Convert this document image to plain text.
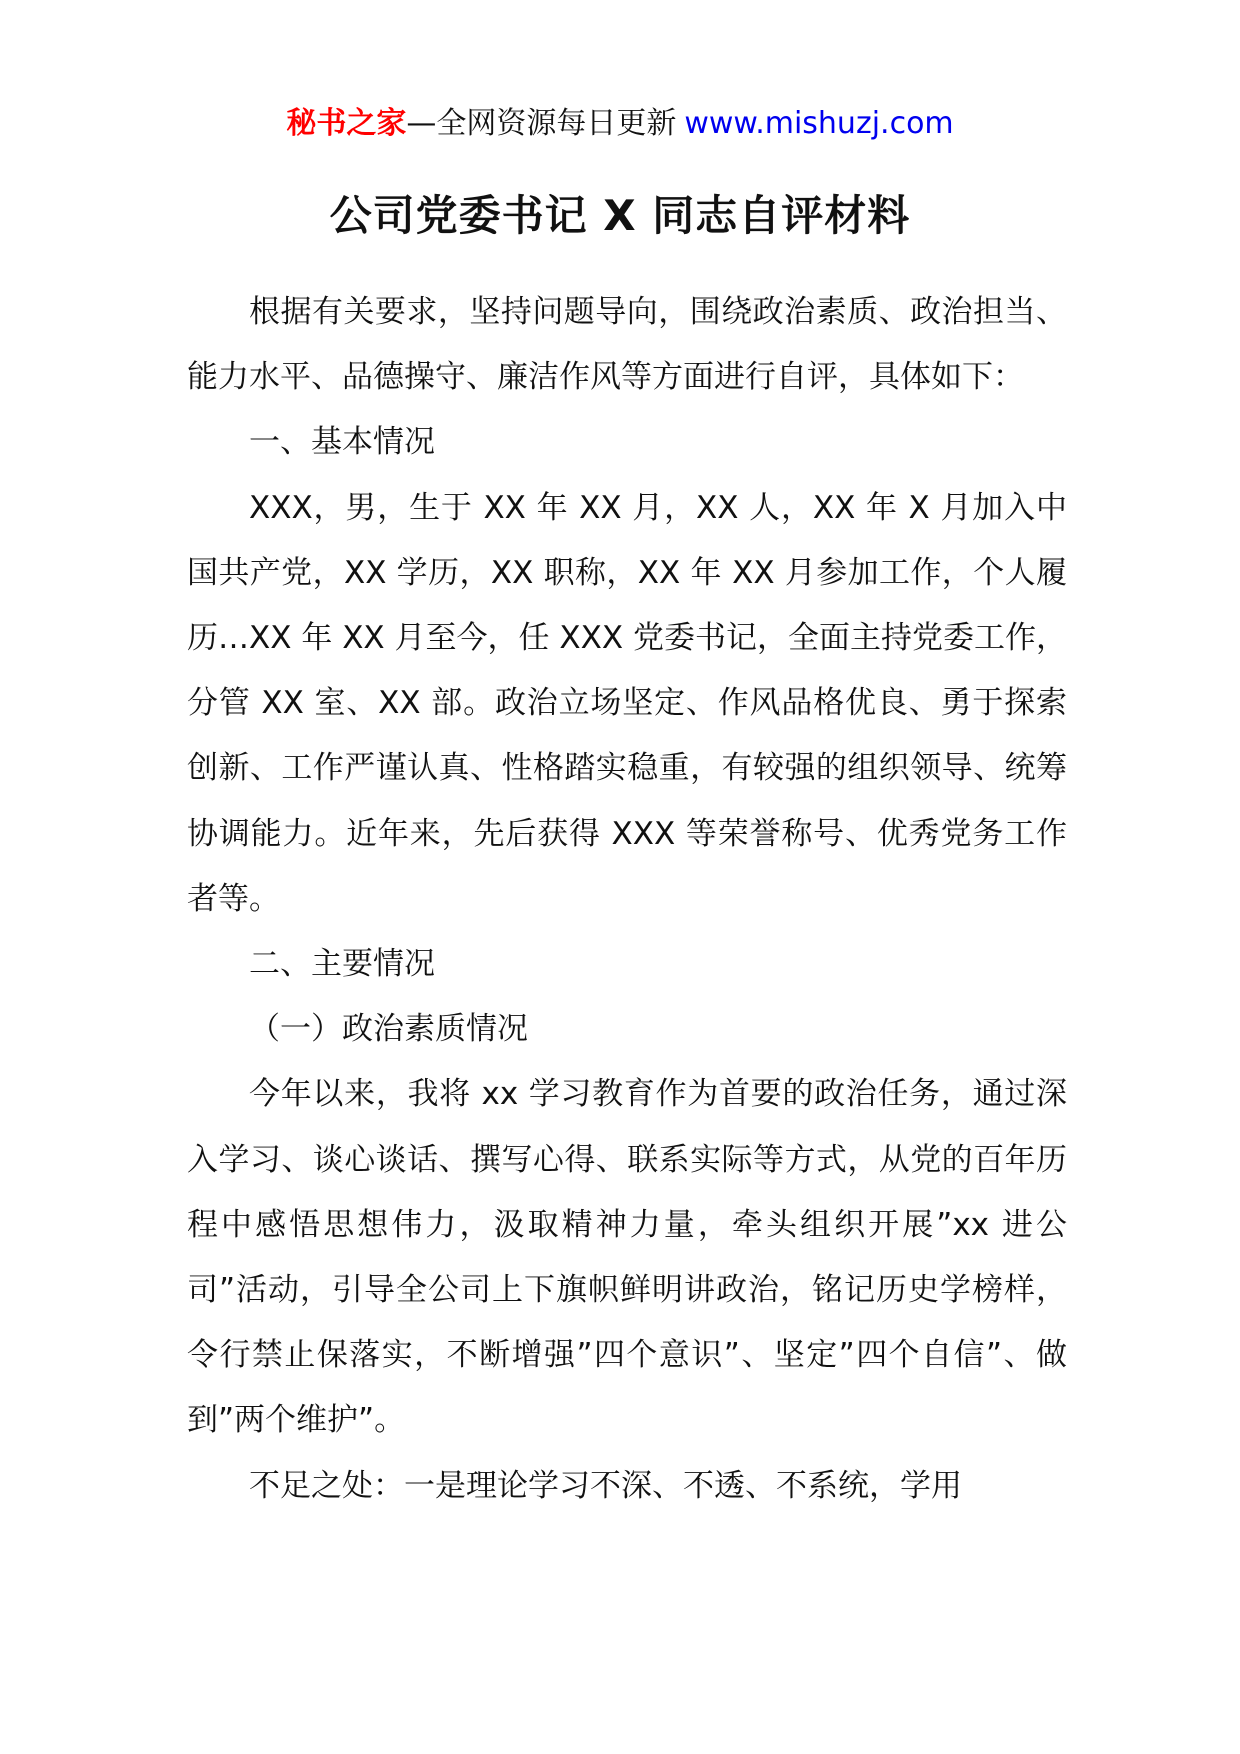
秘书之家—全网资源每日更新 www.mishuzj.com
公司党委书记 X 同志自评材料

根据有关要求，坚持问题导向，围绕政治素质、政治担当、能力水平、品德操守、廉洁作风等方面进行自评，具体如下：

一、基本情况

XXX，男，生于 XX 年 XX 月，XX 人，XX 年 X 月加入中国共产党，XX 学历，XX 职称，XX 年 XX 月参加工作，个人履历…XX 年 XX 月至今，任 XXX 党委书记，全面主持党委工作，分管 XX 室、XX 部。政治立场坚定、作风品格优良、勇于探索创新、工作严谨认真、性格踏实稳重，有较强的组织领导、统筹协调能力。近年来，先后获得 XXX 等荣誉称号、优秀党务工作者等。

二、主要情况

（一）政治素质情况

今年以来，我将 xx 学习教育作为首要的政治任务，通过深入学习、谈心谈话、撰写心得、联系实际等方式，从党的百年历程中感悟思想伟力，汲取精神力量，牵头组织开展”xx 进公司”活动，引导全公司上下旗帜鲜明讲政治，铭记历史学榜样，令行禁止保落实，不断增强”四个意识”、坚定”四个自信”、做到”两个维护”。

不足之处：一是理论学习不深、不透、不系统，学用
